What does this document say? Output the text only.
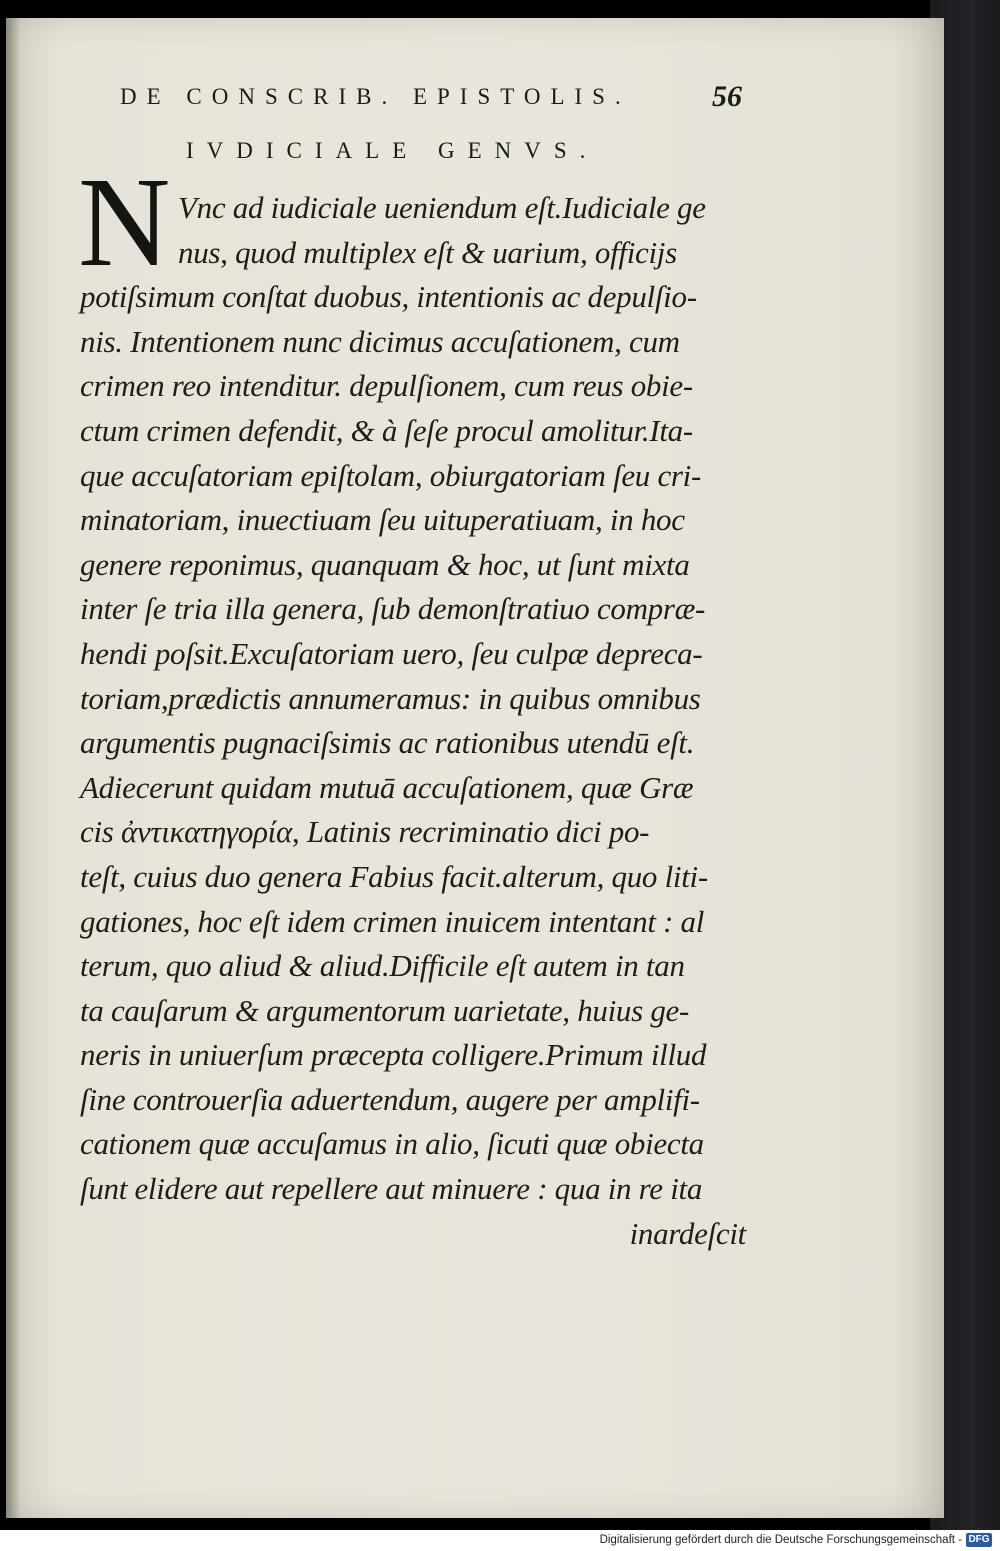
DE CONSCRIB. EPISTOLIS.	56
IVDICIALE GENVS.
N Vnc ad iudiciale ueniendum eſt.Iudiciale ge
nus, quod multiplex eſt & uarium, officijs
potiſsimum conſtat duobus, intentionis ac depulſio-
nis. Intentionem nunc dicimus accuſationem, cum
crimen reo intenditur. depulſionem, cum reus obie-
ctum crimen defendit, & à ſeſe procul amolitur.Ita-
que accuſatoriam epiſtolam, obiurgatoriam ſeu cri-
minatoriam, inuectiuam ſeu uituperatiuam, in hoc
genere reponimus, quanquam & hoc, ut ſunt mixta
inter ſe tria illa genera, ſub demonſtratiuo compræ-
hendi poſsit.Excuſatoriam uero, ſeu culpæ depreca-
toriam,prædictis annumeramus: in quibus omnibus
argumentis pugnaciſsimis ac rationibus utendū eſt.
Adiecerunt quidam mutuā accuſationem, quæ Græ
cis ἀντικατηγορία, Latinis recriminatio dici po-
teſt, cuius duo genera Fabius facit.alterum, quo liti-
gationes, hoc eſt idem crimen inuicem intentant : al
terum, quo aliud & aliud.Difficile eſt autem in tan
ta cauſarum & argumentorum uarietate, huius ge-
neris in uniuerſum præcepta colligere.Primum illud
ſine controuerſia aduertendum, augere per amplifi-
cationem quæ accuſamus in alio, ſicuti quæ obiecta
ſunt elidere aut repellere aut minuere : qua in re ita
inardeſcit
Digitalisierung gefördert durch die Deutsche Forschungsgemeinschaft - DFG
